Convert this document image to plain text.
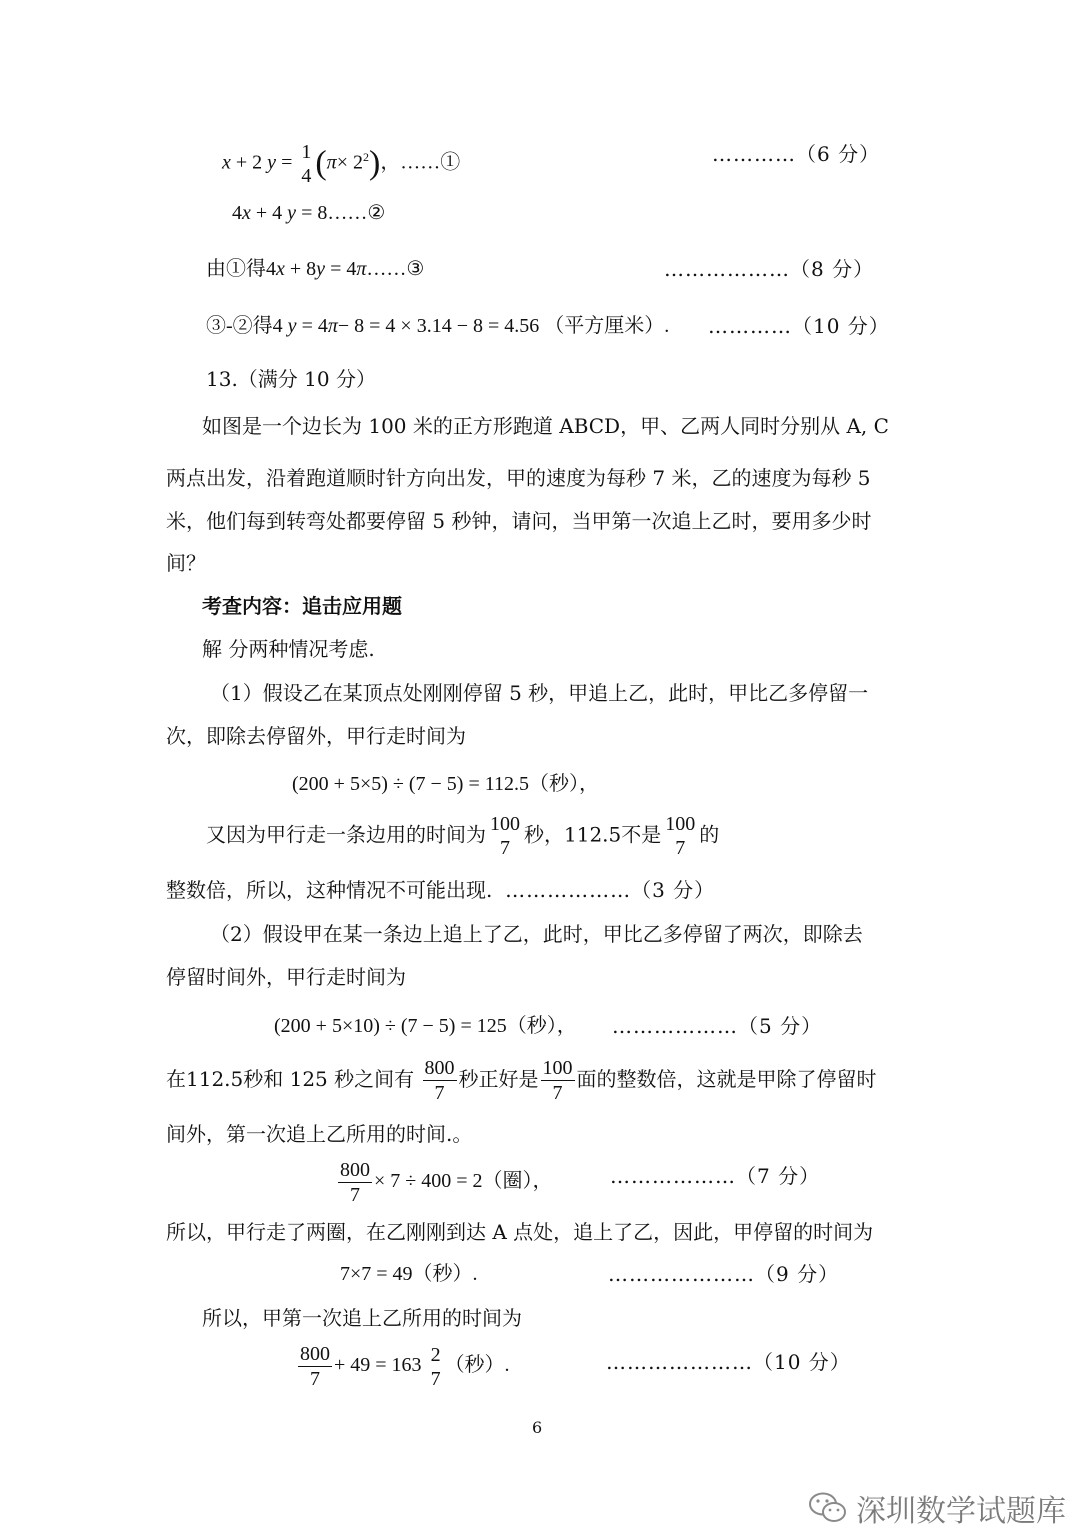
x + 2 y = 1
4 $(\pi\times 2^2)$，……①	…………（6 分）
4x + 4 y = 8……②
由①得4x + 8y = 4π……③	………………（8 分）
③-②得4 y = 4π− 8 = 4 × 3.14 − 8 = 4.56 （平方厘米）. …………（10 分）
13.（满分 10 分）
如图是一个边长为 100 米的正方形跑道 ABCD，甲、乙两人同时分别从 A, C
两点出发，沿着跑道顺时针方向出发，甲的速度为每秒 7 米，乙的速度为每秒 5
米，他们每到转弯处都要停留 5 秒钟，请问，当甲第一次追上乙时，要用多少时
间？
考查内容：追击应用题
解 分两种情况考虑.
（1）假设乙在某顶点处刚刚停留 5 秒，甲追上乙，此时，甲比乙多停留一
次，即除去停留外，甲行走时间为
(200 + 5×5) ÷ (7 − 5) = 112.5（秒），
又因为甲行走一条边用的时间为 100
7
秒，112.5不是 100
7
的
整数倍，所以，这种情况不可能出现. ………………（3 分）
（2）假设甲在某一条边上追上了乙，此时，甲比乙多停留了两次，即除去
停留时间外，甲行走时间为
(200 + 5×10) ÷ (7 − 5) = 125（秒）， ………………（5 分）
在112.5秒和 125 秒之间有 $\frac{800}{7}$ 秒正好是 $\frac{100}{7}$ 面的整数倍，这就是甲除了停留时
间外，第一次追上乙所用的时间.。
$\frac{800}{7} \times 7 \div 400 = 2$（圈），	………………（7 分）
所以，甲行走了两圈，在乙刚刚到达 A 点处，追上了乙，因此，甲停留的时间为
7×7 = 49（秒）.	…………………（9 分）
所以，甲第一次追上乙所用的时间为
$\frac{800}{7} + 49 = 163$ 2
7
（秒）.	…………………（10 分）
6
深圳数学试题库
